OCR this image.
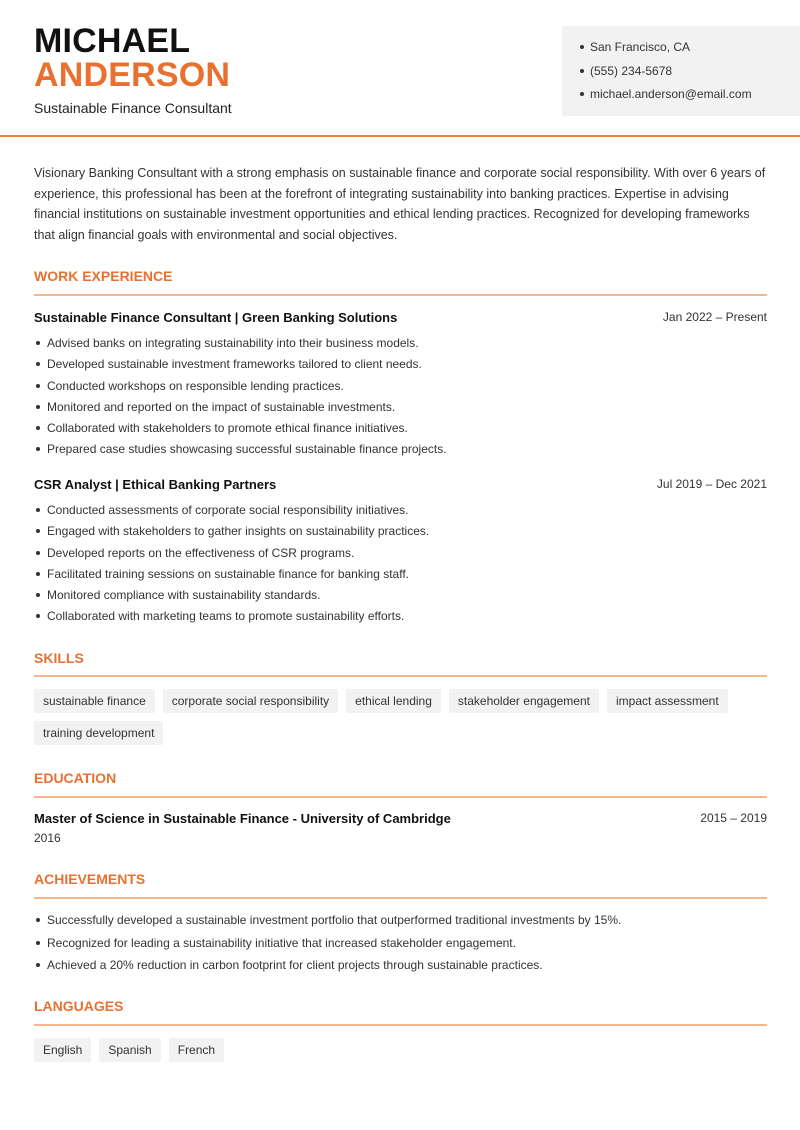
MICHAEL
ANDERSON
Sustainable Finance Consultant
San Francisco, CA
(555) 234-5678
michael.anderson@email.com
Visionary Banking Consultant with a strong emphasis on sustainable finance and corporate social responsibility. With over 6 years of experience, this professional has been at the forefront of integrating sustainability into banking practices. Expertise in advising financial institutions on sustainable investment opportunities and ethical lending practices. Recognized for developing frameworks that align financial goals with environmental and social objectives.
WORK EXPERIENCE
Sustainable Finance Consultant | Green Banking Solutions	Jan 2022 – Present
Advised banks on integrating sustainability into their business models.
Developed sustainable investment frameworks tailored to client needs.
Conducted workshops on responsible lending practices.
Monitored and reported on the impact of sustainable investments.
Collaborated with stakeholders to promote ethical finance initiatives.
Prepared case studies showcasing successful sustainable finance projects.
CSR Analyst | Ethical Banking Partners	Jul 2019 – Dec 2021
Conducted assessments of corporate social responsibility initiatives.
Engaged with stakeholders to gather insights on sustainability practices.
Developed reports on the effectiveness of CSR programs.
Facilitated training sessions on sustainable finance for banking staff.
Monitored compliance with sustainability standards.
Collaborated with marketing teams to promote sustainability efforts.
SKILLS
sustainable finance	corporate social responsibility	ethical lending	stakeholder engagement	impact assessment
training development
EDUCATION
Master of Science in Sustainable Finance - University of Cambridge	2015 – 2019
2016
ACHIEVEMENTS
Successfully developed a sustainable investment portfolio that outperformed traditional investments by 15%.
Recognized for leading a sustainability initiative that increased stakeholder engagement.
Achieved a 20% reduction in carbon footprint for client projects through sustainable practices.
LANGUAGES
English	Spanish	French
